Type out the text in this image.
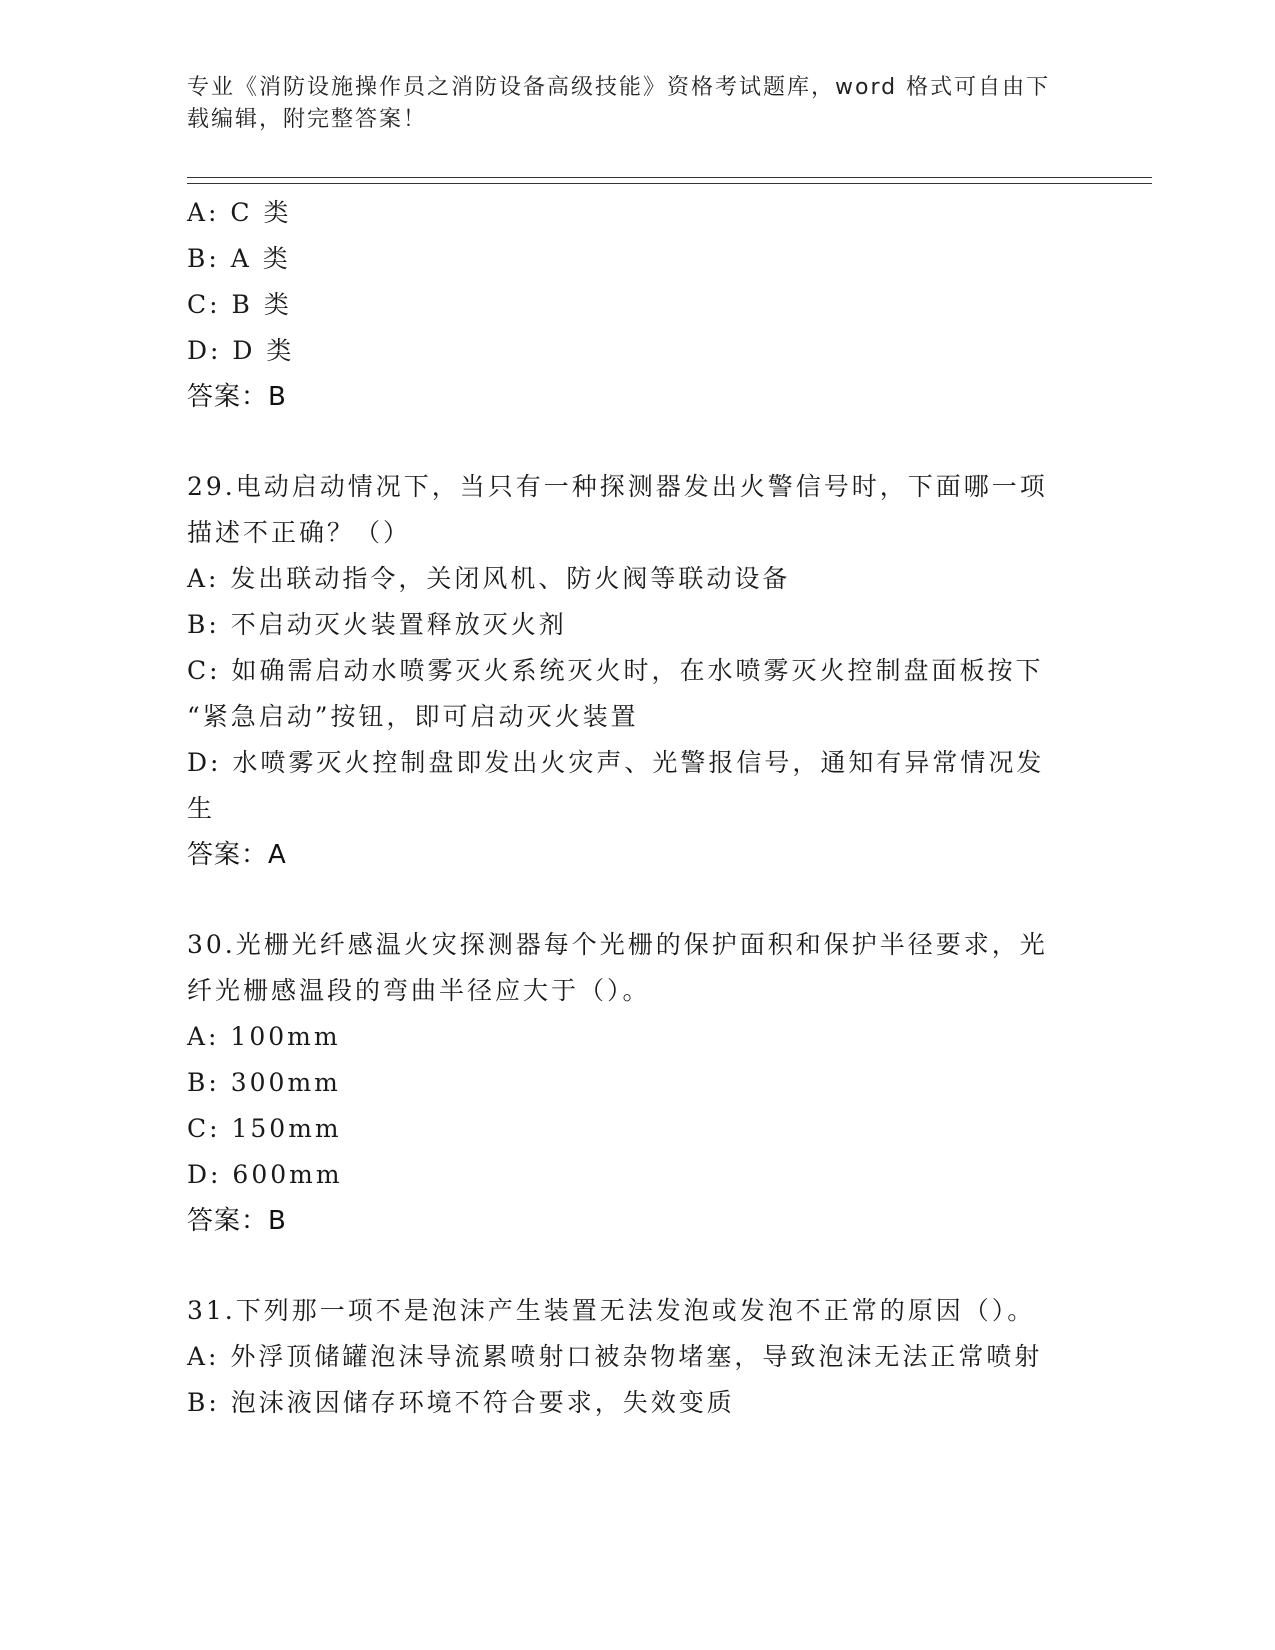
专业《消防设施操作员之消防设备高级技能》资格考试题库，word 格式可自由下
载编辑，附完整答案！
A: C 类
B: A 类
C: B 类
D: D 类
答案：B
29.电动启动情况下，当只有一种探测器发出火警信号时，下面哪一项
描述不正确？（）
A: 发出联动指令，关闭风机、防火阀等联动设备
B: 不启动灭火装置释放灭火剂
C: 如确需启动水喷雾灭火系统灭火时，在水喷雾灭火控制盘面板按下
“紧急启动”按钮，即可启动灭火装置
D: 水喷雾灭火控制盘即发出火灾声、光警报信号，通知有异常情况发
生
答案：A
30.光栅光纤感温火灾探测器每个光栅的保护面积和保护半径要求，光
纤光栅感温段的弯曲半径应大于（）。
A: 100mm
B: 300mm
C: 150mm
D: 600mm
答案：B
31.下列那一项不是泡沫产生装置无法发泡或发泡不正常的原因（）。
A: 外浮顶储罐泡沫导流累喷射口被杂物堵塞，导致泡沫无法正常喷射
B: 泡沫液因储存环境不符合要求，失效变质
